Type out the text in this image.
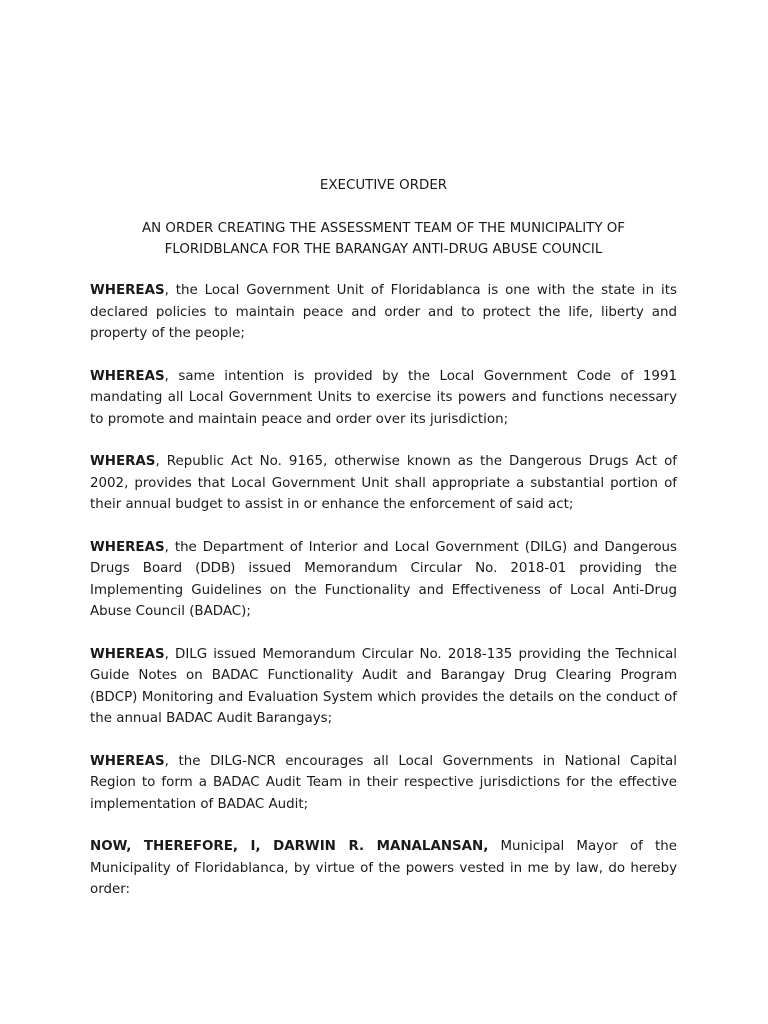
EXECUTIVE ORDER
AN ORDER CREATING THE ASSESSMENT TEAM OF THE MUNICIPALITY OF
FLORIDBLANCA FOR THE BARANGAY ANTI-DRUG ABUSE COUNCIL

WHEREAS, the Local Government Unit of Floridablanca is one with the state in its declared policies to maintain peace and order and to protect the life, liberty and property of the people;

WHEREAS, same intention is provided by the Local Government Code of 1991 mandating all Local Government Units to exercise its powers and functions necessary to promote and maintain peace and order over its jurisdiction;

WHERAS, Republic Act No. 9165, otherwise known as the Dangerous Drugs Act of 2002, provides that Local Government Unit shall appropriate a substantial portion of their annual budget to assist in or enhance the enforcement of said act;

WHEREAS, the Department of Interior and Local Government (DILG) and Dangerous Drugs Board (DDB) issued Memorandum Circular No. 2018-01 providing the Implementing Guidelines on the Functionality and Effectiveness of Local Anti-Drug Abuse Council (BADAC);

WHEREAS, DILG issued Memorandum Circular No. 2018-135 providing the Technical Guide Notes on BADAC Functionality Audit and Barangay Drug Clearing Program (BDCP) Monitoring and Evaluation System which provides the details on the conduct of the annual BADAC Audit Barangays;

WHEREAS, the DILG-NCR encourages all Local Governments in National Capital Region to form a BADAC Audit Team in their respective jurisdictions for the effective implementation of BADAC Audit;

NOW, THEREFORE, I, DARWIN R. MANALANSAN, Municipal Mayor of the Municipality of Floridablanca, by virtue of the powers vested in me by law, do hereby order:
